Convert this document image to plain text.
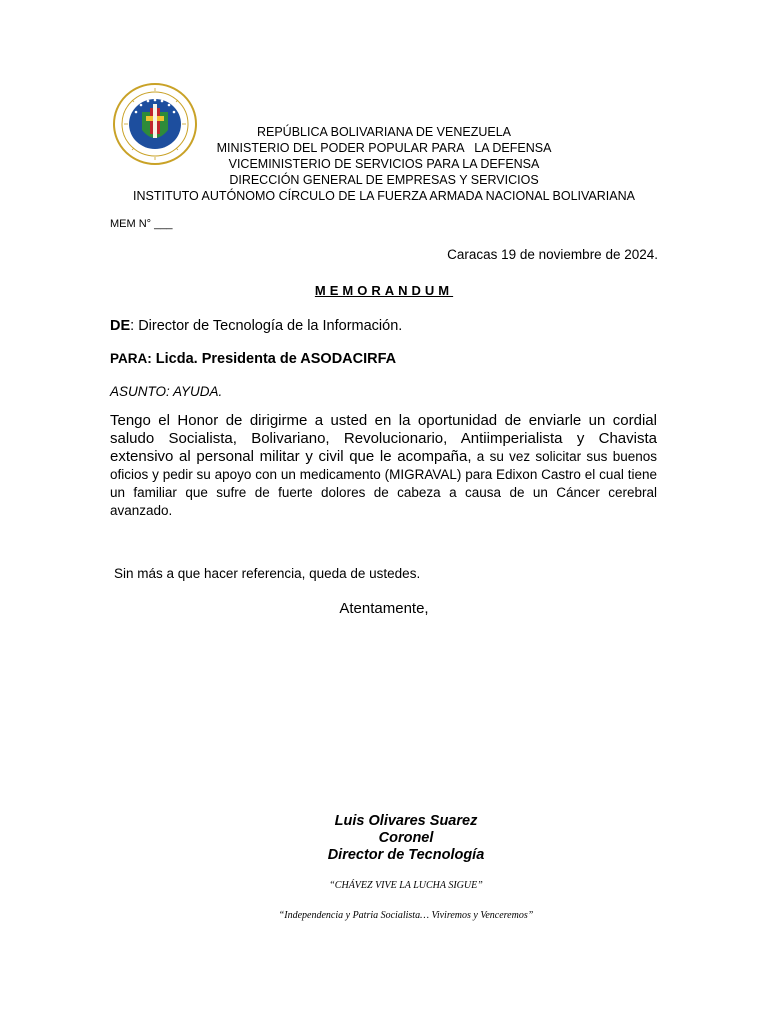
REPÚBLICA BOLIVARIANA DE VENEZUELA
MINISTERIO DEL PODER POPULAR PARA   LA DEFENSA
VICEMINISTERIO DE SERVICIOS PARA LA DEFENSA
DIRECCIÓN GENERAL DE EMPRESAS Y SERVICIOS
INSTITUTO AUTÓNOMO CÍRCULO DE LA FUERZA ARMADA NACIONAL BOLIVARIANA
MEM N° ___
Caracas 19 de noviembre de 2024.
MEMORANDUM
DE: Director de Tecnología de la Información.
PARA: Licda. Presidenta de ASODACIRFA
ASUNTO: AYUDA.
Tengo el Honor de dirigirme a usted en la oportunidad de enviarle un cordial saludo Socialista, Bolivariano, Revolucionario, Antiimperialista y Chavista extensivo al personal militar y civil que le acompaña, a su vez solicitar sus buenos oficios y pedir su apoyo con un medicamento (MIGRAVAL) para Edixon Castro el cual tiene un familiar que sufre de fuerte dolores de cabeza a causa de un Cáncer cerebral avanzado.
Sin más a que hacer referencia, queda de ustedes.
Atentamente,
Luis Olivares Suarez
Coronel
Director de Tecnología
“CHÁVEZ VIVE LA LUCHA SIGUE”
“Independencia y Patria Socialista… Viviremos y Venceremos”
